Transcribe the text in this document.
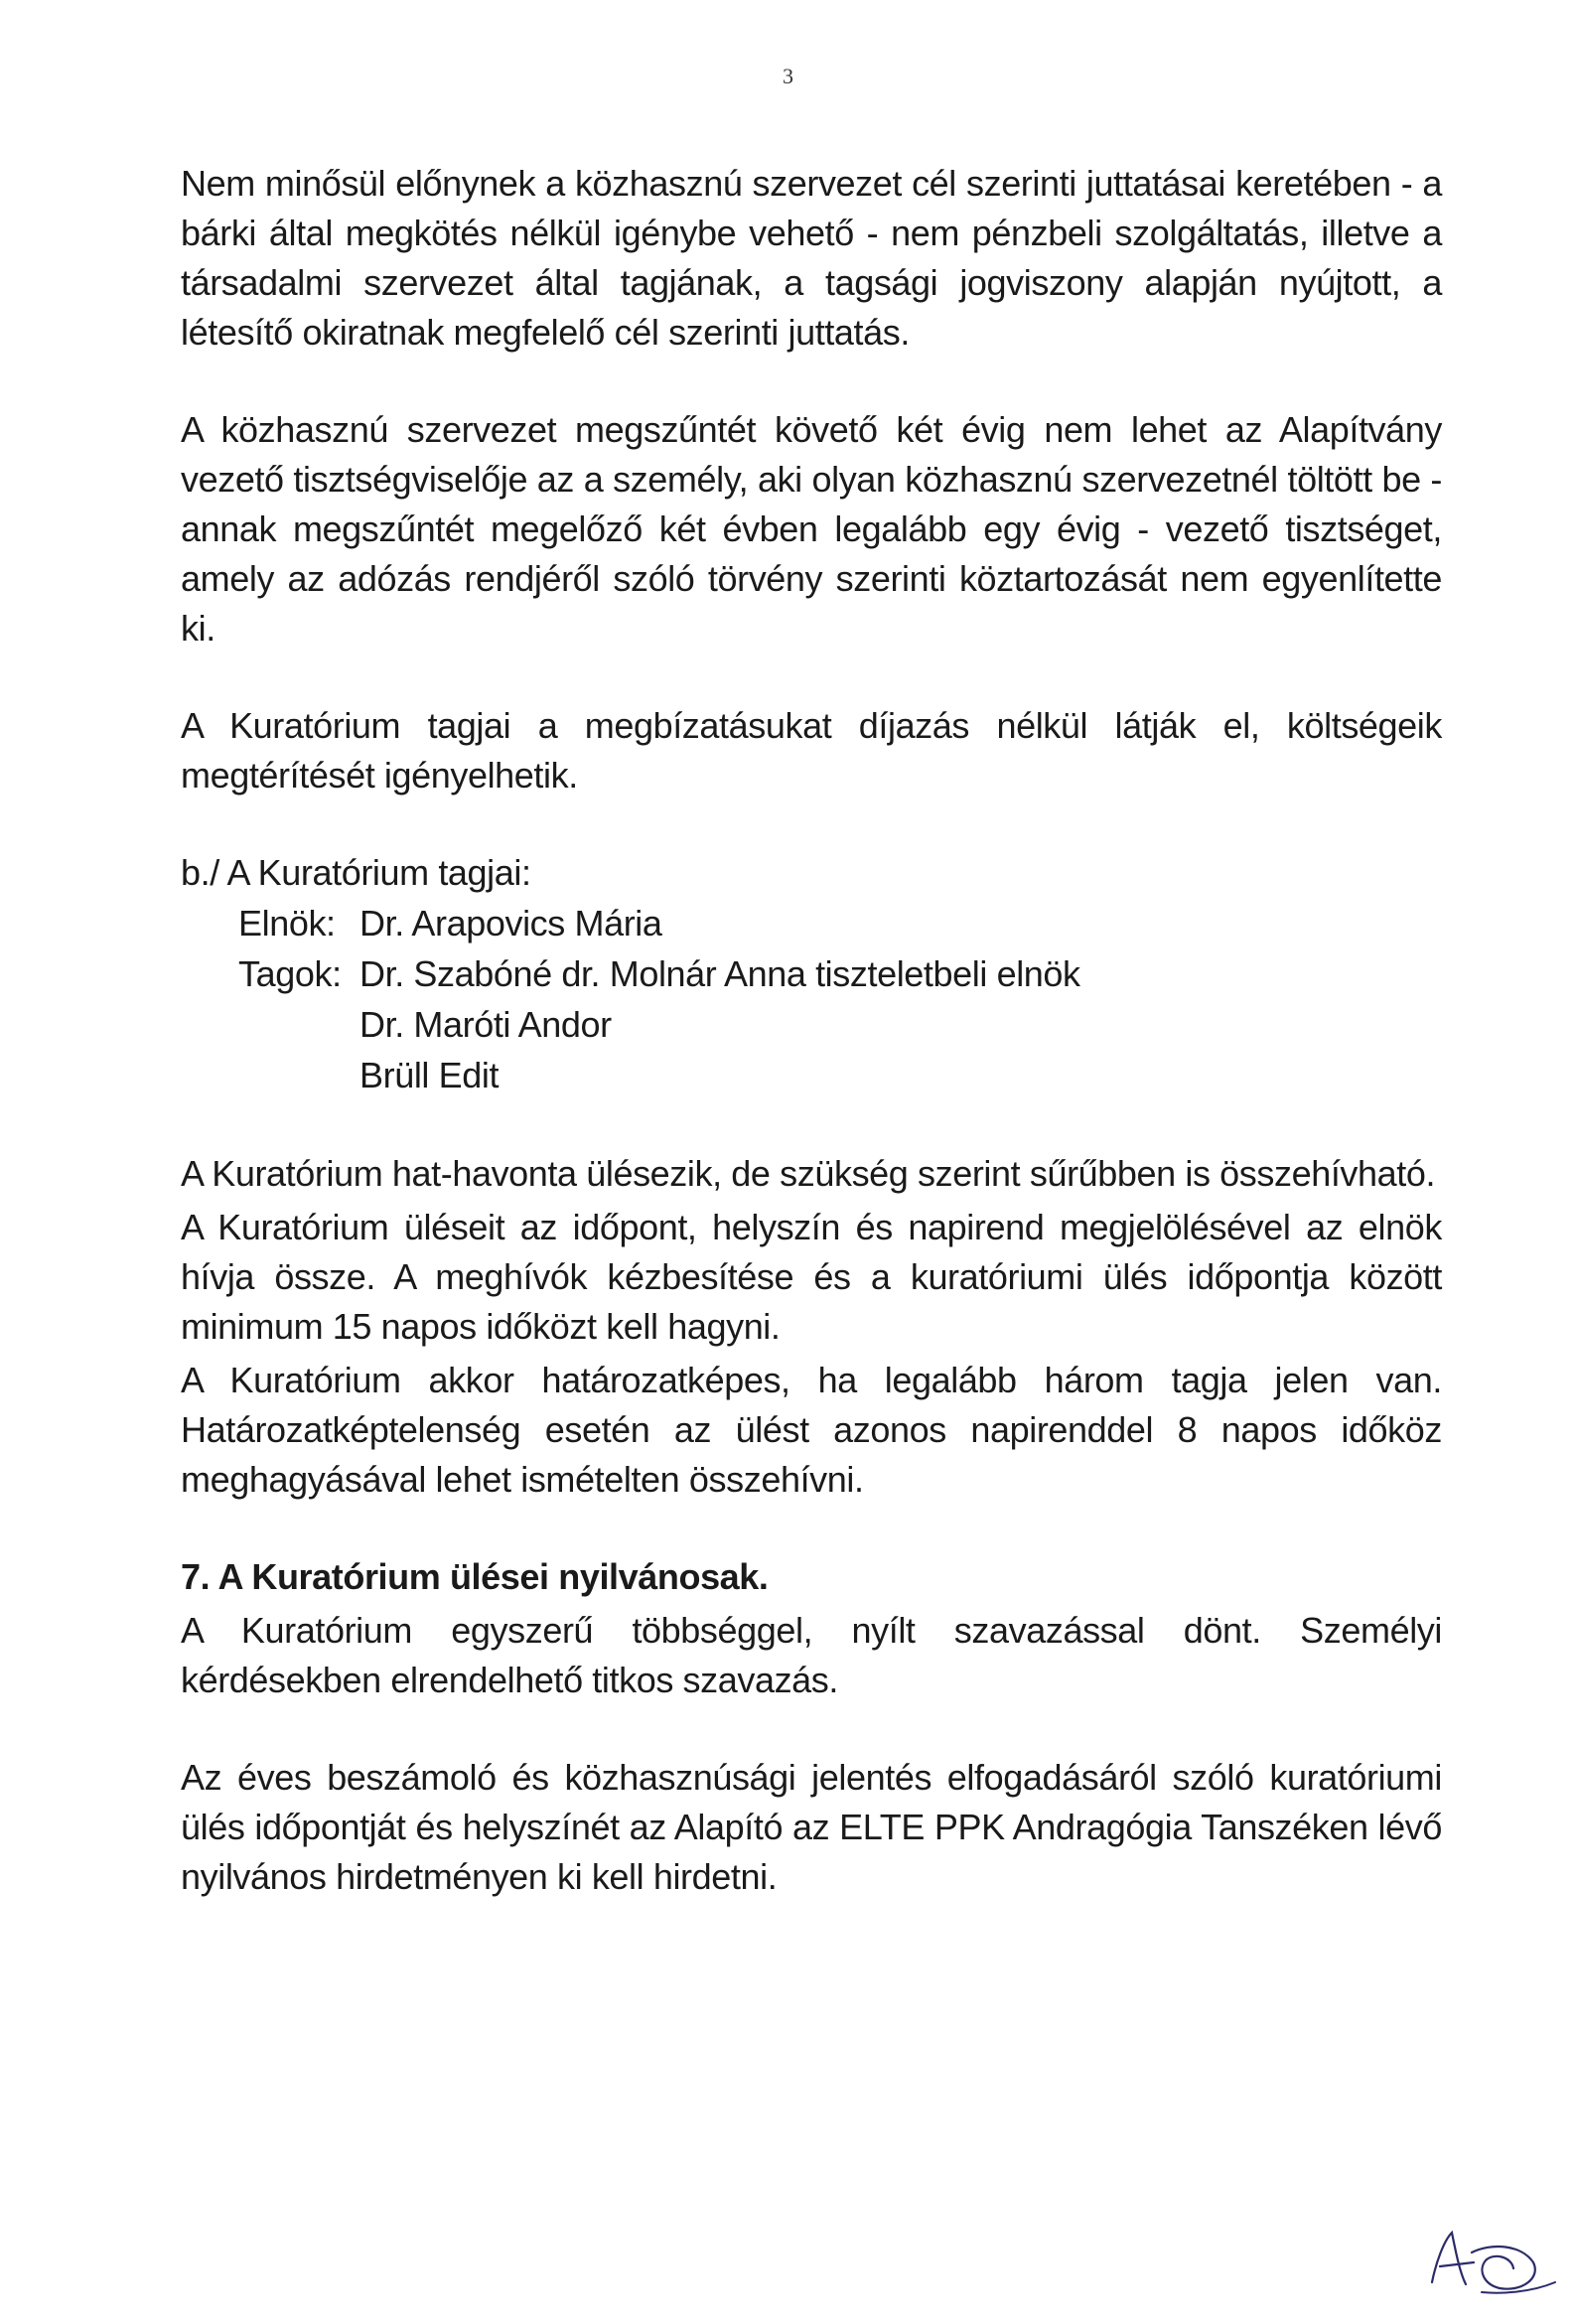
3

Nem minősül előnynek a közhasznú szervezet cél szerinti juttatásai keretében - a bárki által megkötés nélkül igénybe vehető - nem pénzbeli szolgáltatás, illetve a társadalmi szervezet által tagjának, a tagsági jogviszony alapján nyújtott, a létesítő okiratnak megfelelő cél szerinti juttatás.

A közhasznú szervezet megszűntét követő két évig nem lehet az Alapítvány vezető tisztségviselője az a személy, aki olyan közhasznú szervezetnél töltött be - annak megszűntét megelőző két évben legalább egy évig - vezető tisztséget, amely az adózás rendjéről szóló törvény szerinti köztartozását nem egyenlítette ki.

A Kuratórium tagjai a megbízatásukat díjazás nélkül látják el, költségeik megtérítését igényelhetik.

b./ A Kuratórium tagjai:
Elnök: Dr. Arapovics Mária
Tagok: Dr. Szabóné dr. Molnár Anna tiszteletbeli elnök
Dr. Maróti Andor
Brüll Edit

A Kuratórium hat-havonta ülésezik, de szükség szerint sűrűbben is összehívható.

A Kuratórium üléseit az időpont, helyszín és napirend megjelölésével az elnök hívja össze. A meghívók kézbesítése és a kuratóriumi ülés időpontja között minimum 15 napos időközt kell hagyni.

A Kuratórium akkor határozatképes, ha legalább három tagja jelen van. Határozatképtelenség esetén az ülést azonos napirenddel 8 napos időköz meghagyásával lehet ismételten összehívni.

7. A Kuratórium ülései nyilvánosak.

A Kuratórium egyszerű többséggel, nyílt szavazással dönt. Személyi kérdésekben elrendelhető titkos szavazás.

Az éves beszámoló és közhasznúsági jelentés elfogadásáról szóló kuratóriumi ülés időpontját és helyszínét az Alapító az ELTE PPK Andragógia Tanszéken lévő nyilvános hirdetményen ki kell hirdetni.
